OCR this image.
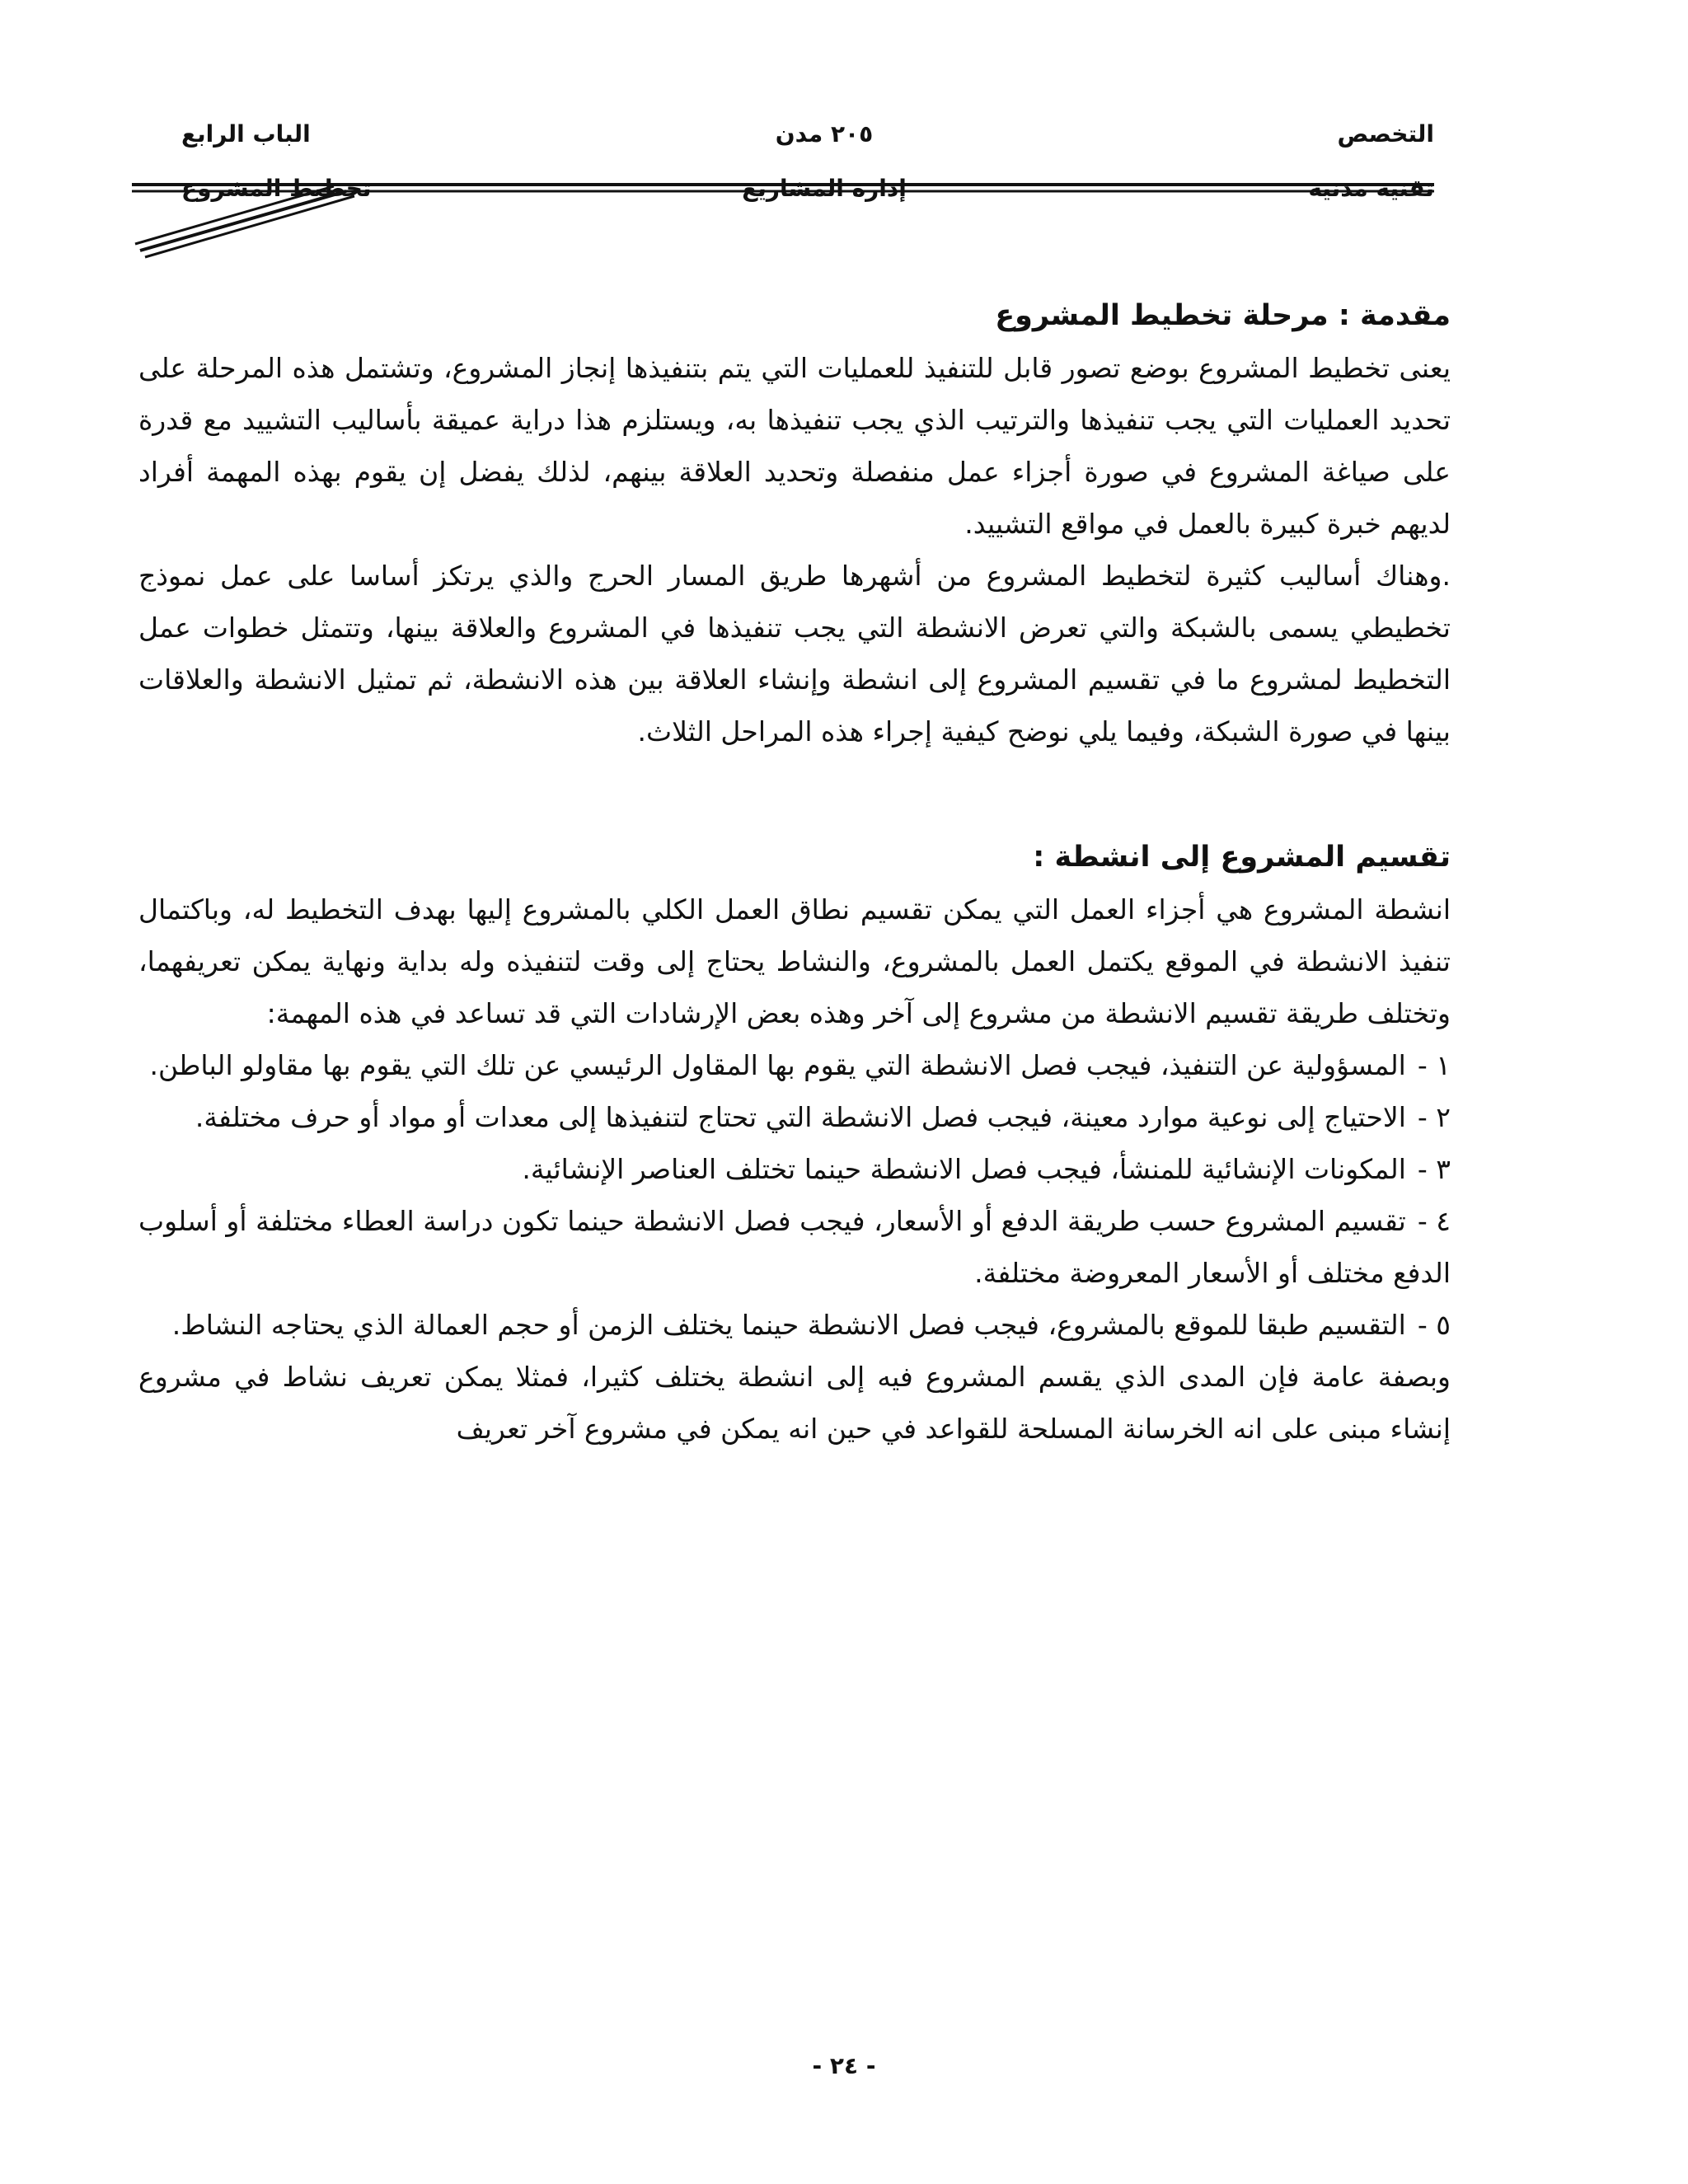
التخصص
تقنية مدنية
٢٠٥ مدن
إدارة المشاريع
الباب الرابع
تخطيط المشروع
مقدمة : مرحلة تخطيط المشروع

يعنى تخطيط المشروع بوضع تصور قابل للتنفيذ للعمليات التي يتم بتنفيذها إنجاز المشروع، وتشتمل هذه المرحلة على تحديد العمليات التي يجب تنفيذها والترتيب الذي يجب تنفيذها به، ويستلزم هذا دراية عميقة بأساليب التشييد مع قدرة على صياغة المشروع في صورة أجزاء عمل منفصلة وتحديد العلاقة بينهم، لذلك يفضل إن يقوم بهذه المهمة أفراد لديهم خبرة كبيرة بالعمل في مواقع التشييد.

.وهناك أساليب كثيرة لتخطيط المشروع من أشهرها طريق المسار الحرج والذي يرتكز أساسا على عمل نموذج تخطيطي يسمى بالشبكة والتي تعرض الانشطة التي يجب تنفيذها في المشروع والعلاقة بينها، وتتمثل خطوات عمل التخطيط لمشروع ما في تقسيم المشروع إلى انشطة وإنشاء العلاقة بين هذه الانشطة، ثم تمثيل الانشطة والعلاقات بينها في صورة الشبكة، وفيما يلي نوضح كيفية إجراء هذه المراحل الثلاث.

تقسيم المشروع إلى انشطة :

انشطة المشروع هي أجزاء العمل التي يمكن تقسيم نطاق العمل الكلي بالمشروع إليها بهدف التخطيط له، وباكتمال تنفيذ الانشطة في الموقع يكتمل العمل بالمشروع، والنشاط يحتاج إلى وقت لتنفيذه وله بداية ونهاية يمكن تعريفهما، وتختلف طريقة تقسيم الانشطة من مشروع إلى آخر وهذه بعض الإرشادات التي قد تساعد في هذه المهمة:

١ -المسؤولية عن التنفيذ، فيجب فصل الانشطة التي يقوم بها المقاول الرئيسي عن تلك التي يقوم بها مقاولو الباطن.

٢ -الاحتياج إلى نوعية موارد معينة، فيجب فصل الانشطة التي تحتاج لتنفيذها إلى معدات أو مواد أو حرف مختلفة.

٣ -المكونات الإنشائية للمنشأ، فيجب فصل الانشطة حينما تختلف العناصر الإنشائية.

٤ -تقسيم المشروع حسب طريقة الدفع أو الأسعار، فيجب فصل الانشطة حينما تكون دراسة العطاء مختلفة أو أسلوب الدفع مختلف أو الأسعار المعروضة مختلفة.

٥ -التقسيم طبقا للموقع بالمشروع، فيجب فصل الانشطة حينما يختلف الزمن أو حجم العمالة الذي يحتاجه النشاط.

وبصفة عامة فإن المدى الذي يقسم المشروع فيه إلى انشطة يختلف كثيرا، فمثلا يمكن تعريف نشاط في مشروع إنشاء مبنى على انه الخرسانة المسلحة للقواعد في حين انه يمكن في مشروع آخر تعريف

- ٢٤ -
